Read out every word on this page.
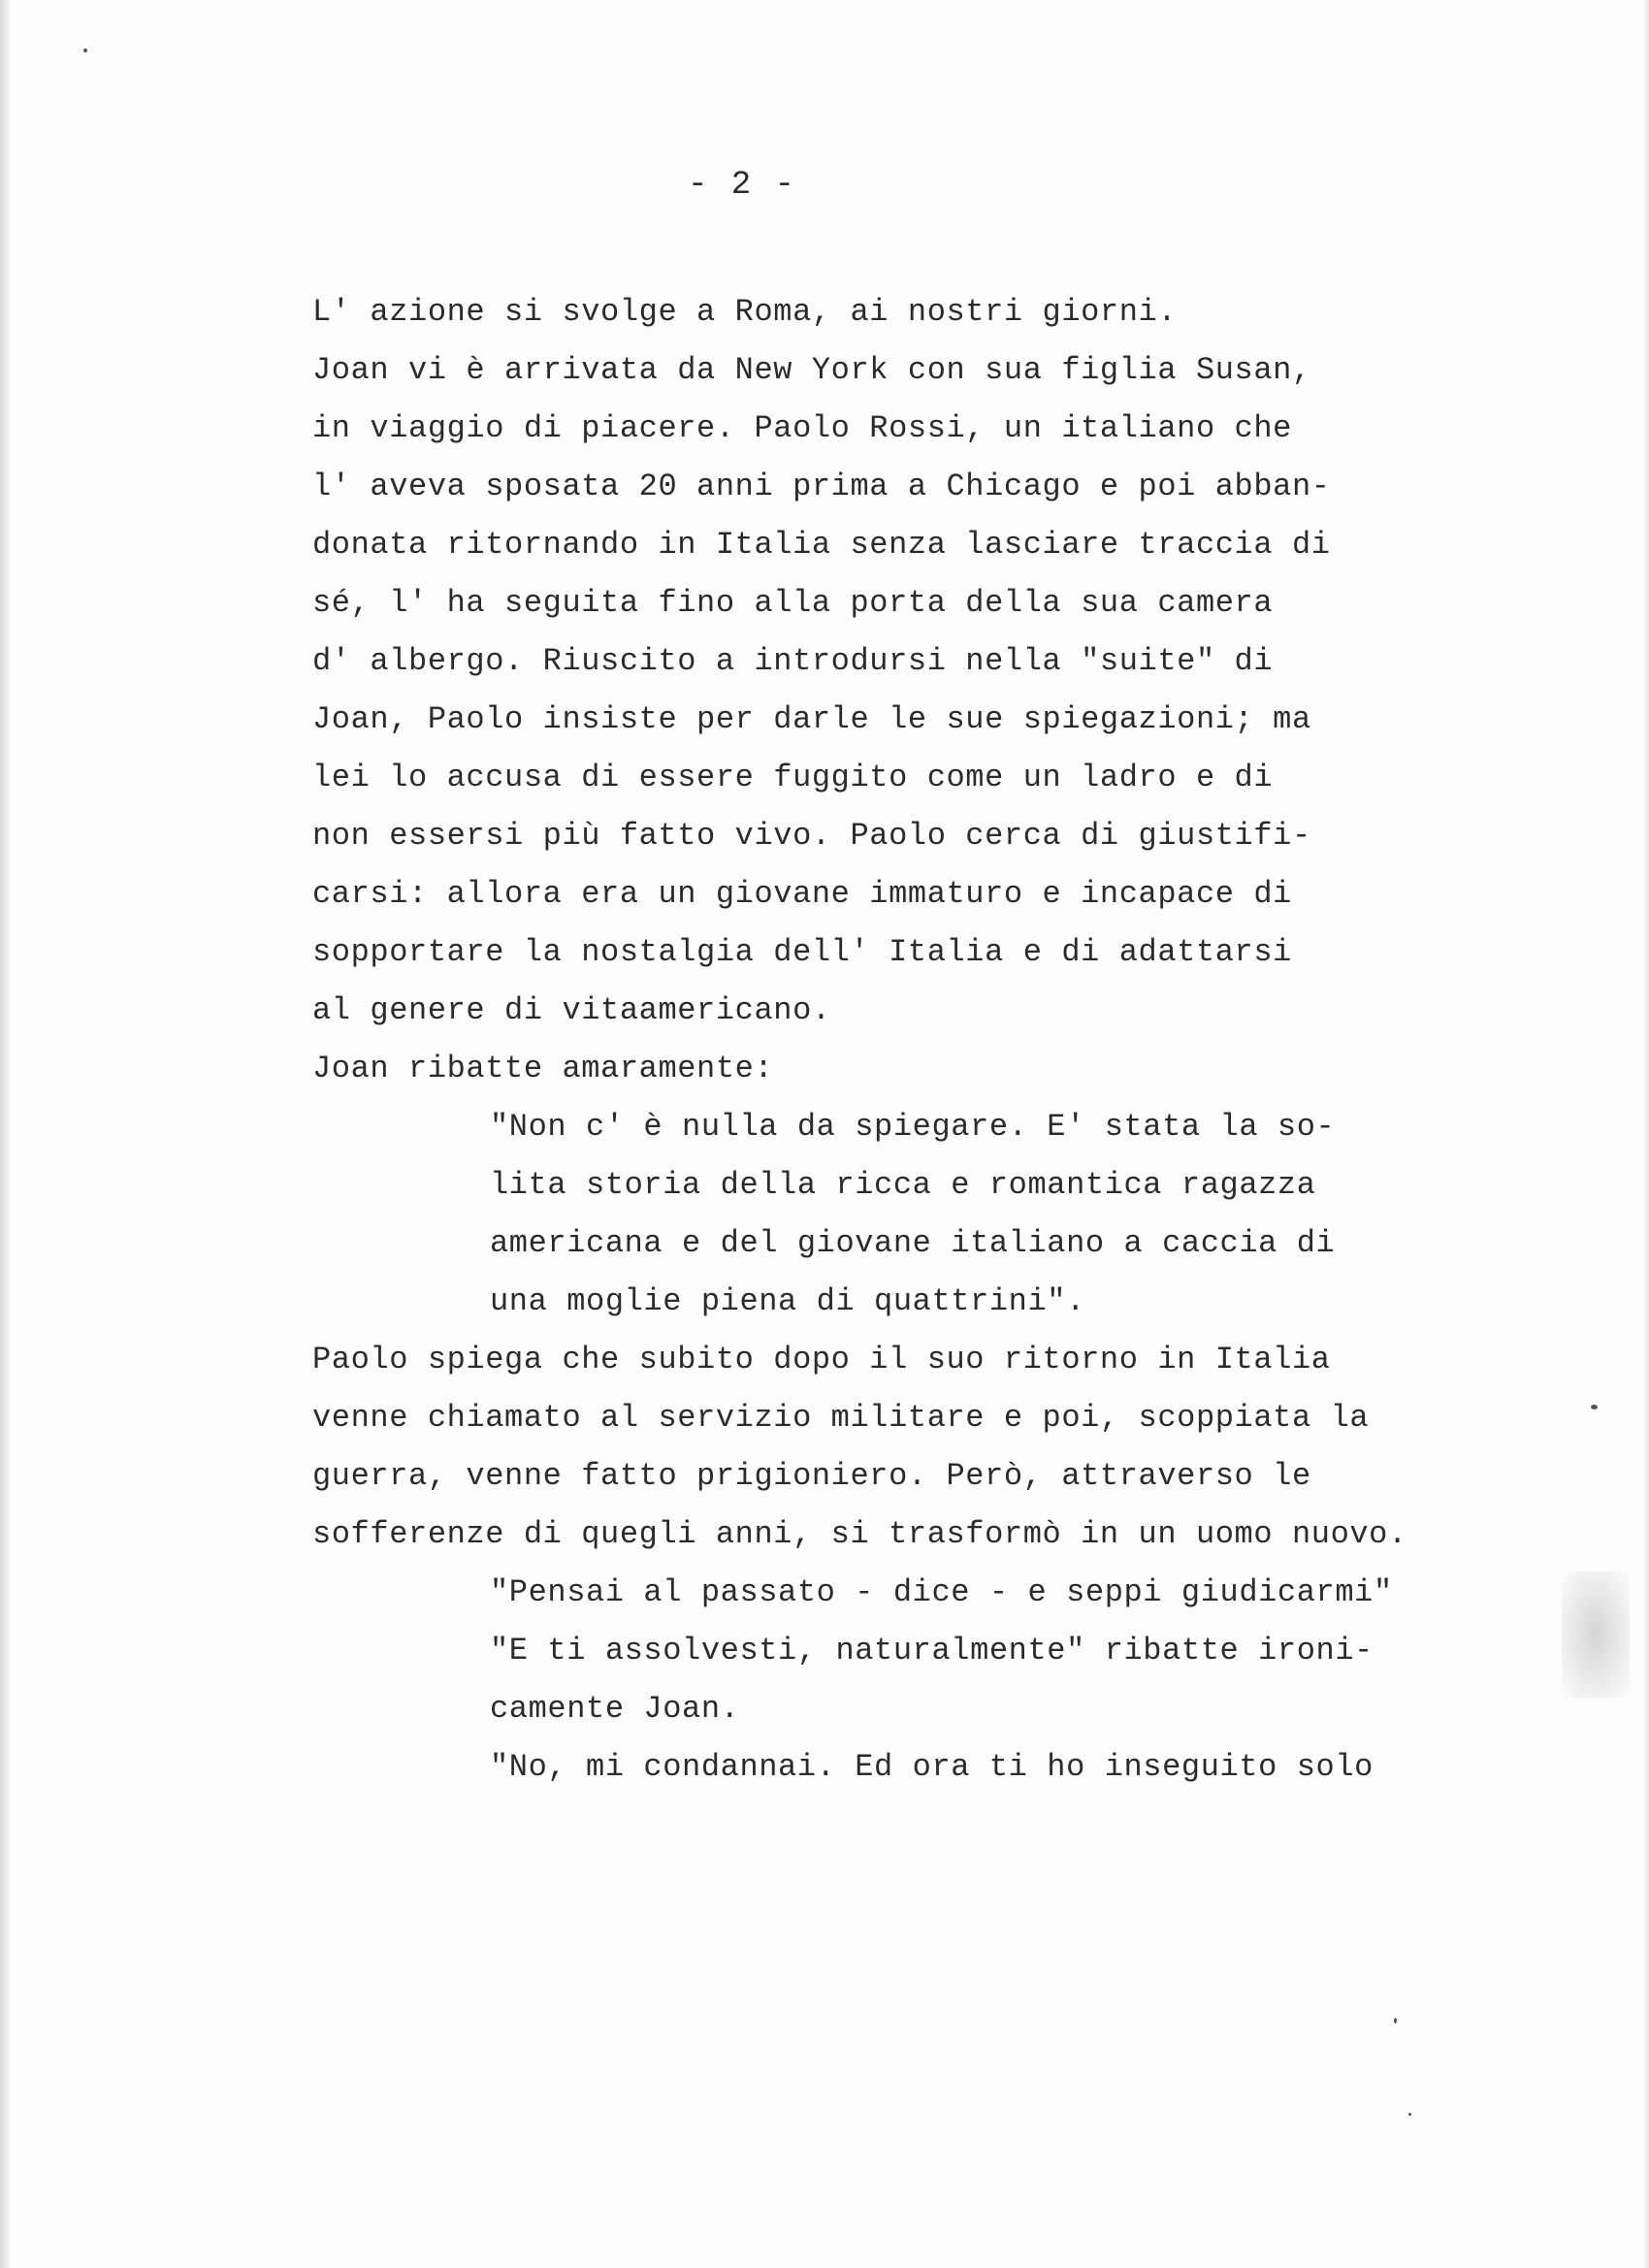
- 2 -
L' azione si svolge a Roma, ai nostri giorni.
Joan vi è arrivata da New York con sua figlia Susan,
in viaggio di piacere. Paolo Rossi, un italiano che
l' aveva sposata 20 anni prima a Chicago e poi abban-
donata ritornando in Italia senza lasciare traccia di
sé, l' ha seguita fino alla porta della sua camera
d' albergo. Riuscito a introdursi nella "suite" di
Joan, Paolo insiste per darle le sue spiegazioni; ma
lei lo accusa di essere fuggito come un ladro e di
non essersi più fatto vivo. Paolo cerca di giustifi-
carsi: allora era un giovane immaturo e incapace di
sopportare la nostalgia dell' Italia e di adattarsi
al genere di vitaamericano.
Joan ribatte amaramente:
"Non c' è nulla da spiegare. E' stata la so-
lita storia della ricca e romantica ragazza
americana e del giovane italiano a caccia di
una moglie piena di quattrini".
Paolo spiega che subito dopo il suo ritorno in Italia
venne chiamato al servizio militare e poi, scoppiata la
guerra, venne fatto prigioniero. Però, attraverso le
sofferenze di quegli anni, si trasformò in un uomo nuovo.
"Pensai al passato - dice - e seppi giudicarmi"
"E ti assolvesti, naturalmente" ribatte ironi-
camente Joan.
"No, mi condannai. Ed ora ti ho inseguito solo
